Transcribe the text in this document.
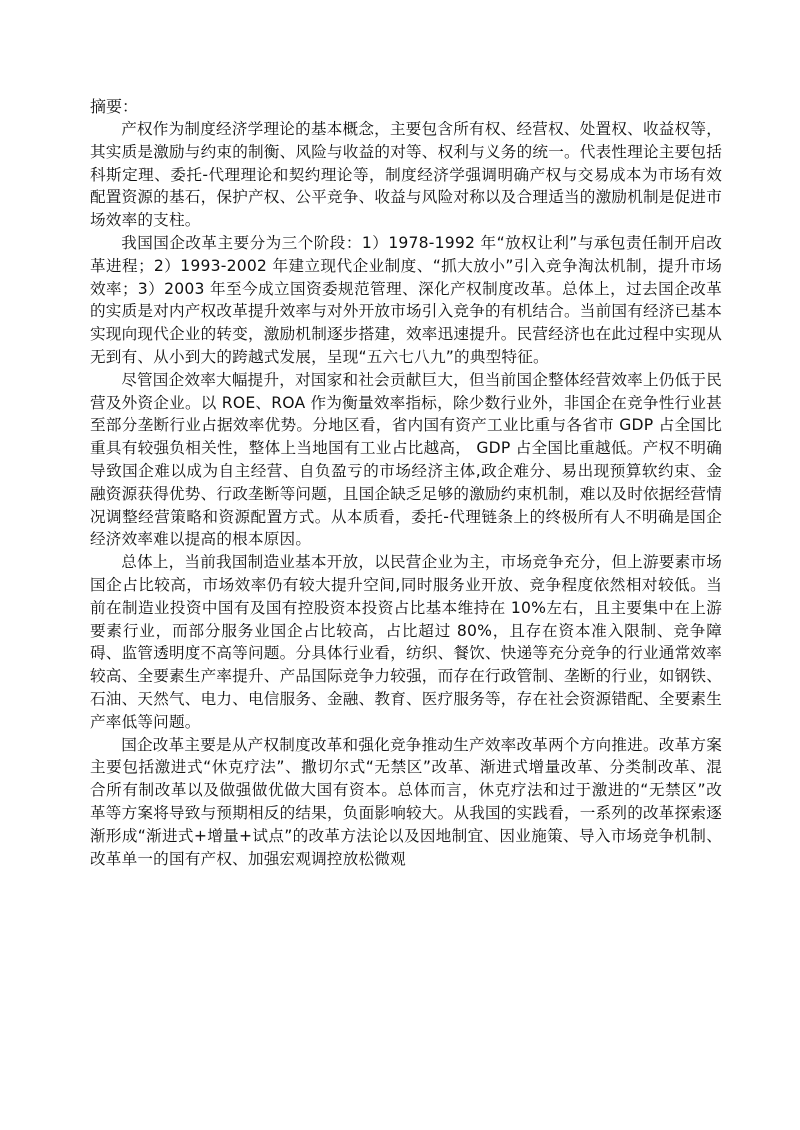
摘要：

产权作为制度经济学理论的基本概念，主要包含所有权、经营权、处置权、收益权等，其实质是激励与约束的制衡、风险与收益的对等、权利与义务的统一。代表性理论主要包括科斯定理、委托-代理理论和契约理论等，制度经济学强调明确产权与交易成本为市场有效配置资源的基石，保护产权、公平竞争、收益与风险对称以及合理适当的激励机制是促进市场效率的支柱。

我国国企改革主要分为三个阶段：1）1978-1992 年“放权让利”与承包责任制开启改革进程；2）1993-2002 年建立现代企业制度、“抓大放小”引入竞争淘汰机制，提升市场效率；3）2003 年至今成立国资委规范管理、深化产权制度改革。总体上，过去国企改革的实质是对内产权改革提升效率与对外开放市场引入竞争的有机结合。当前国有经济已基本实现向现代企业的转变，激励机制逐步搭建，效率迅速提升。民营经济也在此过程中实现从无到有、从小到大的跨越式发展，呈现“五六七八九”的典型特征。

尽管国企效率大幅提升，对国家和社会贡献巨大，但当前国企整体经营效率上仍低于民营及外资企业。以 ROE、ROA 作为衡量效率指标，除少数行业外，非国企在竞争性行业甚至部分垄断行业占据效率优势。分地区看，省内国有资产工业比重与各省市 GDP 占全国比重具有较强负相关性，整体上当地国有工业占比越高， GDP 占全国比重越低。产权不明确导致国企难以成为自主经营、自负盈亏的市场经济主体,政企难分、易出现预算软约束、金融资源获得优势、行政垄断等问题，且国企缺乏足够的激励约束机制，难以及时依据经营情况调整经营策略和资源配置方式。从本质看，委托-代理链条上的终极所有人不明确是国企经济效率难以提高的根本原因。

总体上，当前我国制造业基本开放，以民营企业为主，市场竞争充分，但上游要素市场国企占比较高，市场效率仍有较大提升空间,同时服务业开放、竞争程度依然相对较低。当前在制造业投资中国有及国有控股资本投资占比基本维持在 10%左右，且主要集中在上游要素行业，而部分服务业国企占比较高，占比超过 80%，且存在资本准入限制、竞争障碍、监管透明度不高等问题。分具体行业看，纺织、餐饮、快递等充分竞争的行业通常效率较高、全要素生产率提升、产品国际竞争力较强，而存在行政管制、垄断的行业，如钢铁、石油、天然气、电力、电信服务、金融、教育、医疗服务等，存在社会资源错配、全要素生产率低等问题。

国企改革主要是从产权制度改革和强化竞争推动生产效率改革两个方向推进。改革方案主要包括激进式“休克疗法”、撒切尔式“无禁区”改革、渐进式增量改革、分类制改革、混合所有制改革以及做强做优做大国有资本。总体而言，休克疗法和过于激进的“无禁区”改革等方案将导致与预期相反的结果，负面影响较大。从我国的实践看，一系列的改革探索逐渐形成“渐进式+增量+试点”的改革方法论以及因地制宜、因业施策、导入市场竞争机制、改革单一的国有产权、加强宏观调控放松微观
